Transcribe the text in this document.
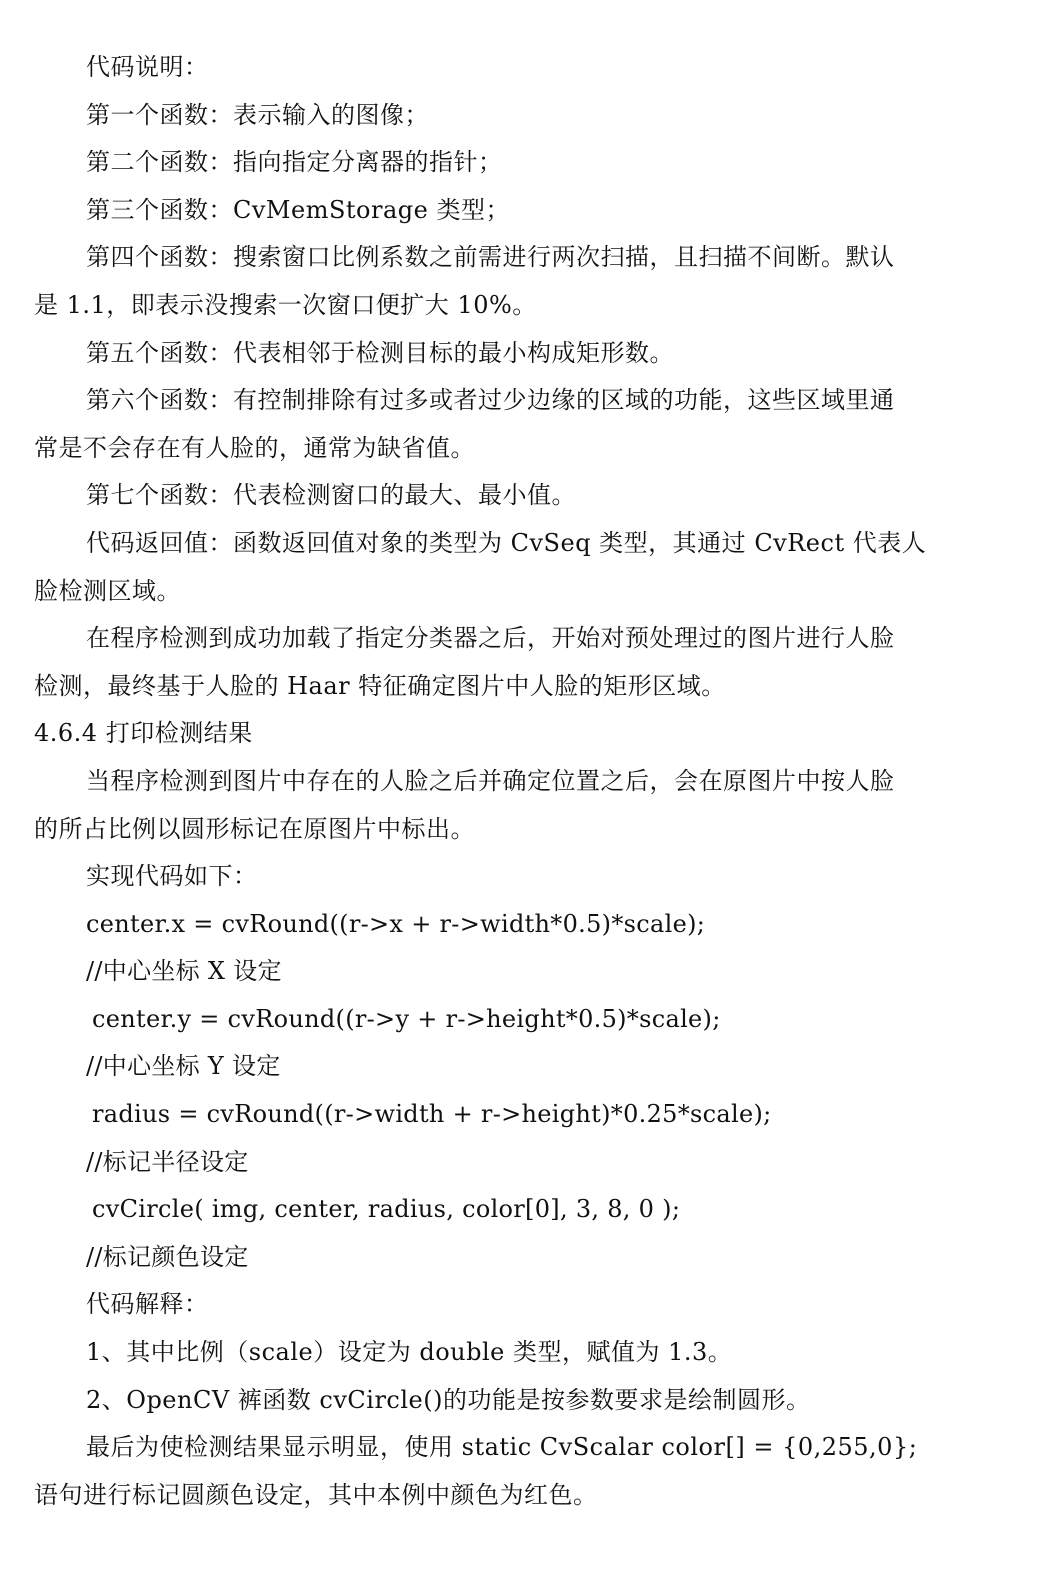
代码说明：
第一个函数：表示输入的图像；
第二个函数：指向指定分离器的指针；
第三个函数：CvMemStorage 类型；
第四个函数：搜索窗口比例系数之前需进行两次扫描，且扫描不间断。默认
是 1.1，即表示没搜索一次窗口便扩大 10%。
第五个函数：代表相邻于检测目标的最小构成矩形数。
第六个函数：有控制排除有过多或者过少边缘的区域的功能，这些区域里通
常是不会存在有人脸的，通常为缺省值。
第七个函数：代表检测窗口的最大、最小值。
代码返回值：函数返回值对象的类型为 CvSeq 类型，其通过 CvRect 代表人
脸检测区域。
在程序检测到成功加载了指定分类器之后，开始对预处理过的图片进行人脸
检测，最终基于人脸的 Haar 特征确定图片中人脸的矩形区域。
4.6.4 打印检测结果
当程序检测到图片中存在的人脸之后并确定位置之后，会在原图片中按人脸
的所占比例以圆形标记在原图片中标出。
实现代码如下：
center.x = cvRound((r->x + r->width*0.5)*scale);
//中心坐标 X 设定
center.y = cvRound((r->y + r->height*0.5)*scale);
//中心坐标 Y 设定
radius = cvRound((r->width + r->height)*0.25*scale);
//标记半径设定
cvCircle( img, center, radius, color[0], 3, 8, 0 );
//标记颜色设定
代码解释：
1、其中比例（scale）设定为 double 类型，赋值为 1.3。
2、OpenCV 裤函数 cvCircle()的功能是按参数要求是绘制圆形。
最后为使检测结果显示明显，使用 static CvScalar color[] = {0,255,0};
语句进行标记圆颜色设定，其中本例中颜色为红色。
